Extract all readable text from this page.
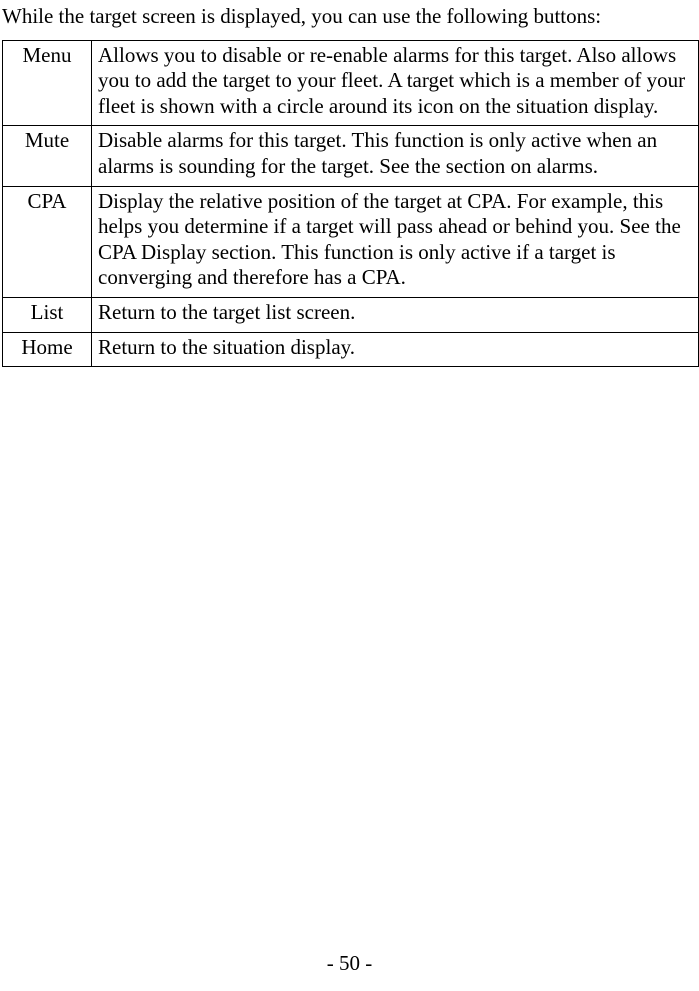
While the target screen is displayed, you can use the following buttons:

Menu	Allows you to disable or re-enable alarms for this target. Also allows you to add the target to your fleet. A target which is a member of your fleet is shown with a circle around its icon on the situation display.
Mute	Disable alarms for this target. This function is only active when an alarms is sounding for the target. See the section on alarms.
CPA	Display the relative position of the target at CPA. For example, this helps you determine if a target will pass ahead or behind you. See the CPA Display section. This function is only active if a target is converging and therefore has a CPA.
List	Return to the target list screen.
Home	Return to the situation display.
- 50 -
